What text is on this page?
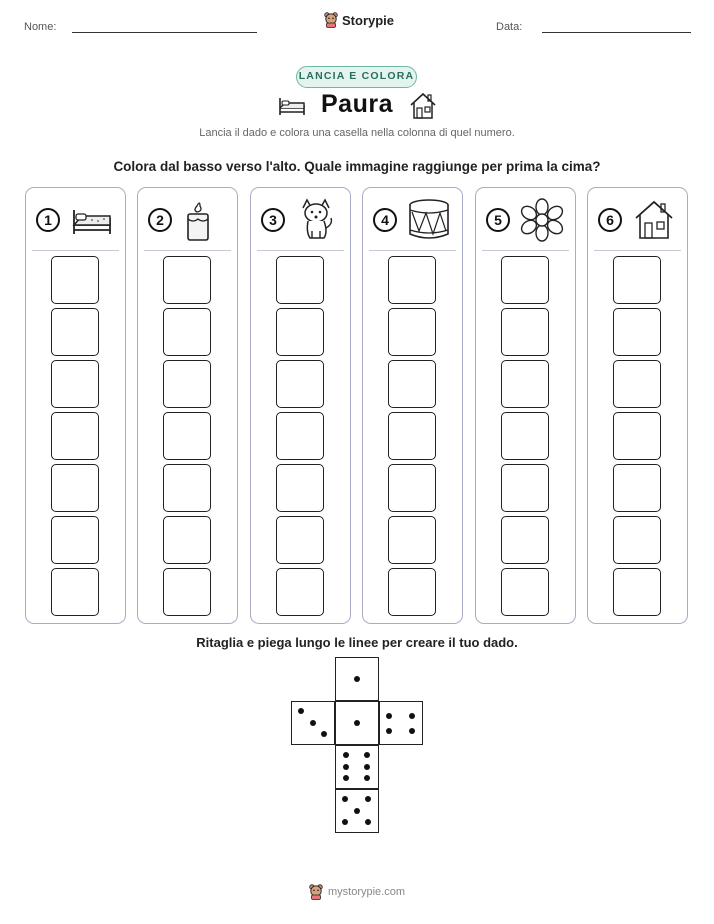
Nome:	Storypie	Data:
LANCIA E COLORA
Paura
Lancia il dado e colora una casella nella colonna di quel numero.
Colora dal basso verso l'alto. Quale immagine raggiunge per prima la cima?
1	2	3	4	5	6
Ritaglia e piega lungo le linee per creare il tuo dado.
mystorypie.com
